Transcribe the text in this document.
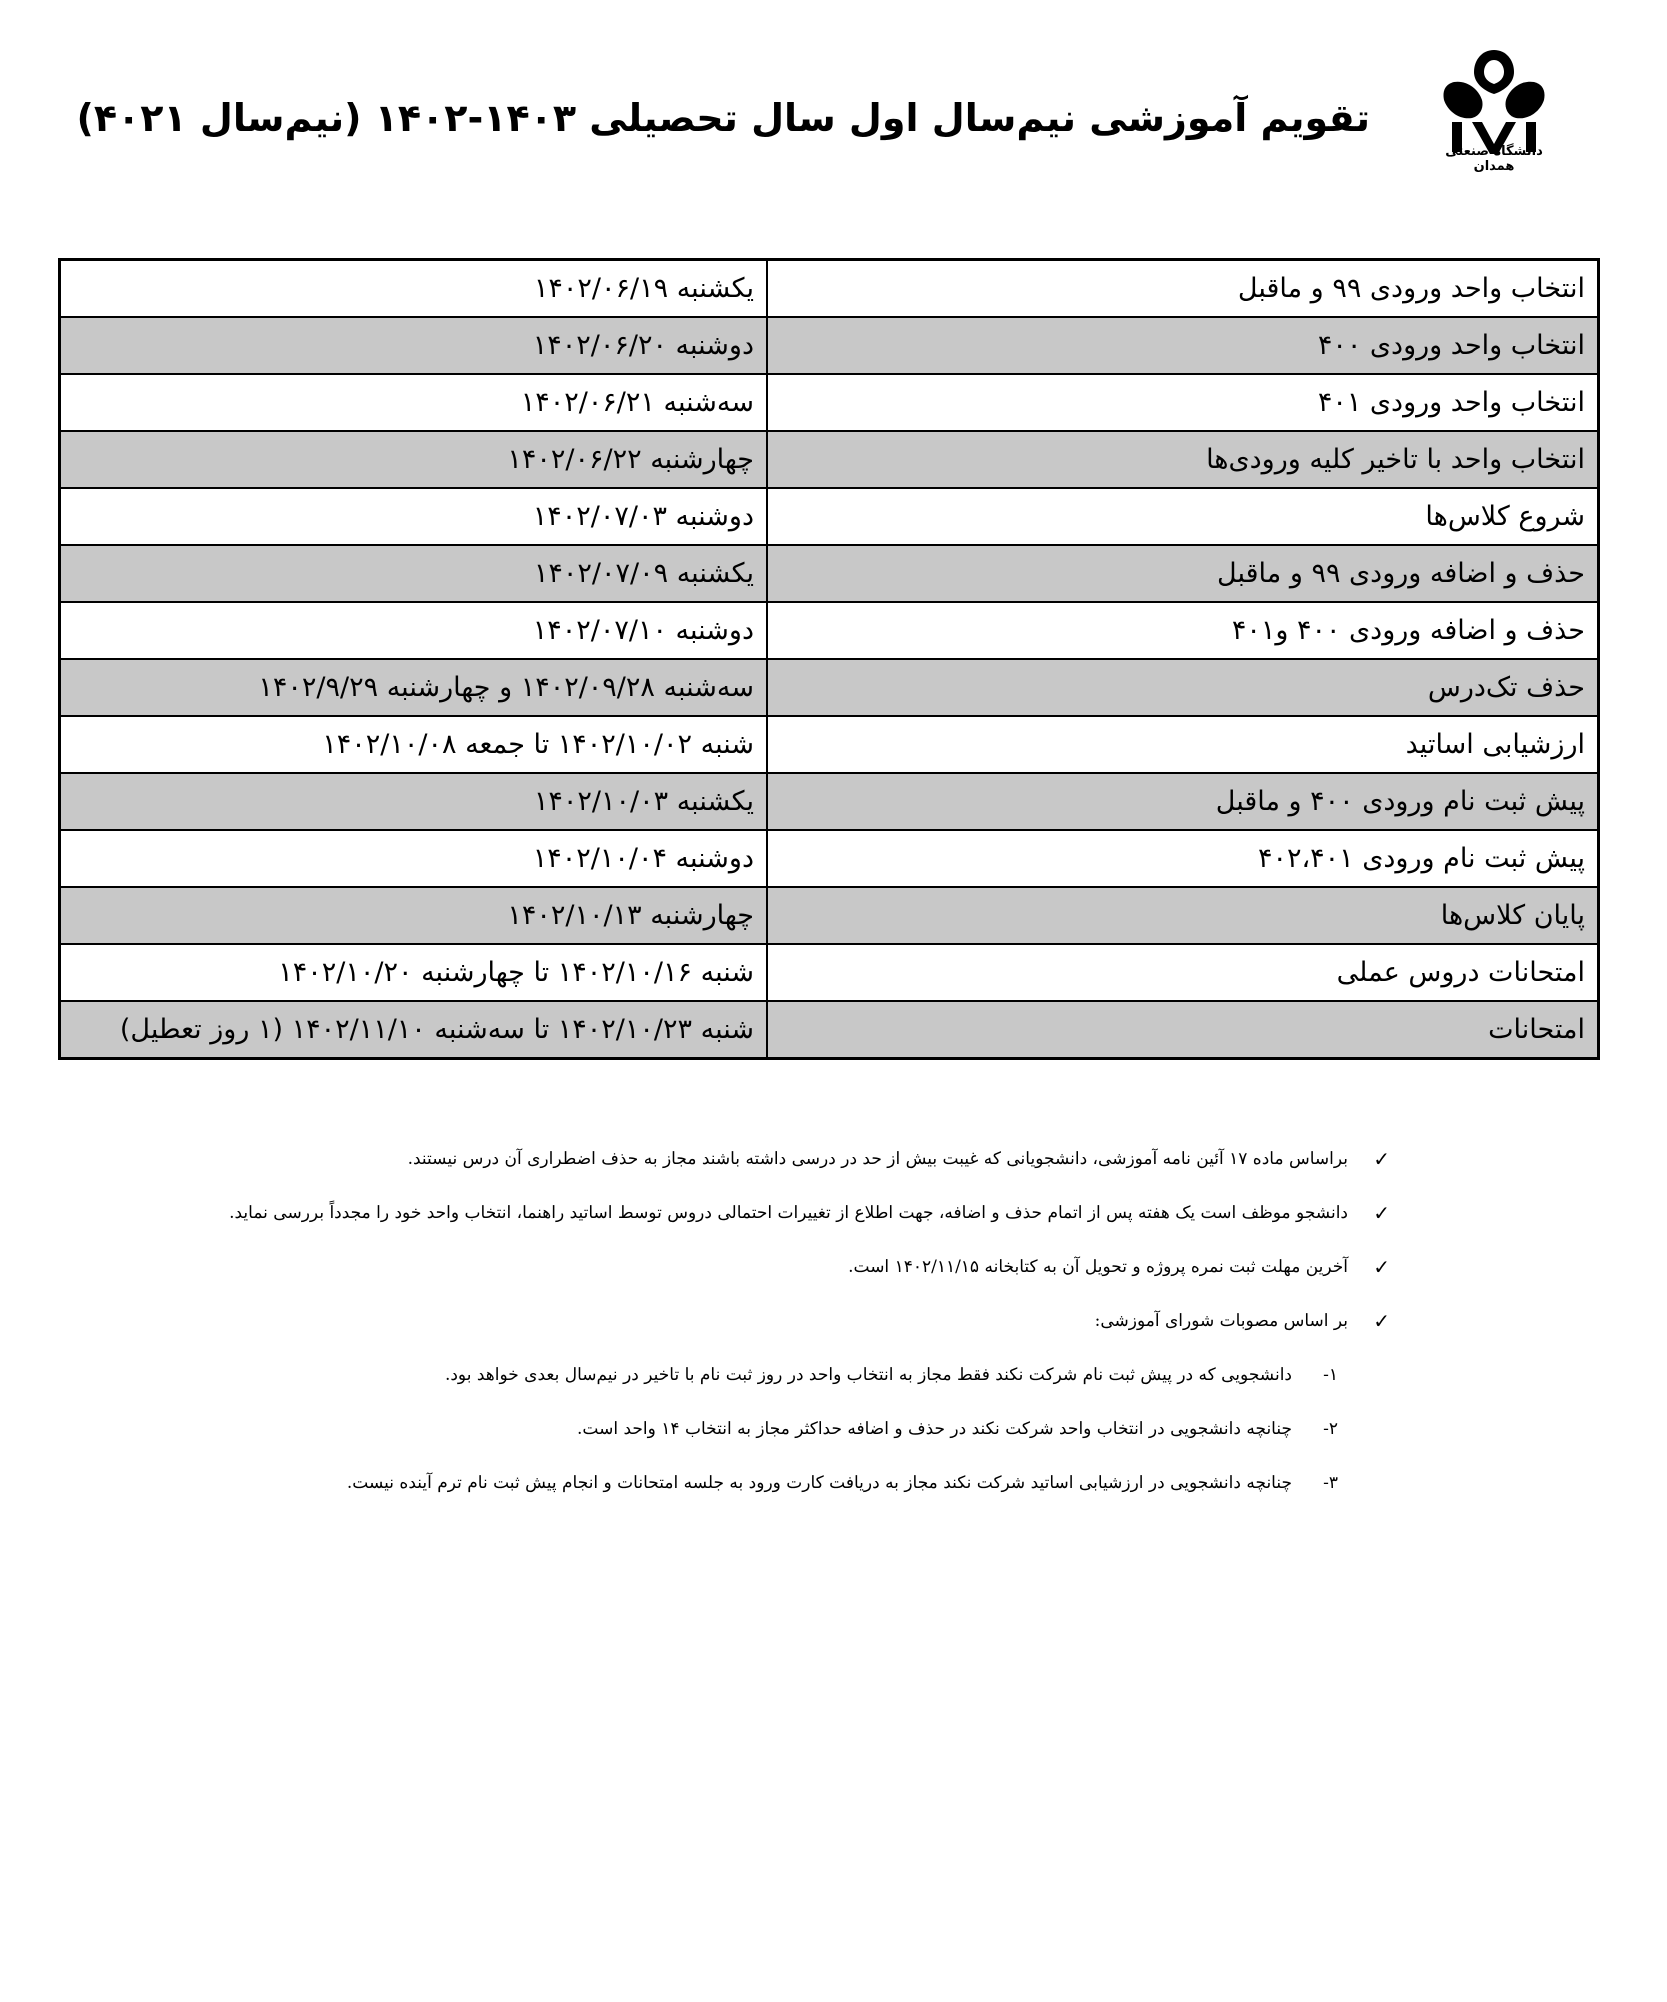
دانشگاه صنعتی همدان
تقویم آموزشی نیم‌سال اول سال تحصیلی ۱۴۰۳-۱۴۰۲ (نیم‌سال ۴۰۲۱)
انتخاب واحد ورودی ۹۹ و ماقبل	یکشنبه ۱۴۰۲/۰۶/۱۹
انتخاب واحد ورودی ۴۰۰	دوشنبه ۱۴۰۲/۰۶/۲۰
انتخاب واحد ورودی ۴۰۱	سه‌شنبه ۱۴۰۲/۰۶/۲۱
انتخاب واحد با تاخیر کلیه ورودی‌ها	چهارشنبه ۱۴۰۲/۰۶/۲۲
شروع کلاس‌ها	دوشنبه ۱۴۰۲/۰۷/۰۳
حذف و اضافه ورودی ۹۹ و ماقبل	یکشنبه ۱۴۰۲/۰۷/۰۹
حذف و اضافه ورودی ۴۰۰ و۴۰۱	دوشنبه ۱۴۰۲/۰۷/۱۰
حذف تک‌درس	سه‌شنبه ۱۴۰۲/۰۹/۲۸ و چهارشنبه ۱۴۰۲/۹/۲۹
ارزشیابی اساتید	شنبه ۱۴۰۲/۱۰/۰۲ تا جمعه ۱۴۰۲/۱۰/۰۸
پیش ثبت نام ورودی ۴۰۰ و ماقبل	یکشنبه ۱۴۰۲/۱۰/۰۳
پیش ثبت نام ورودی ۴۰۲،۴۰۱	دوشنبه ۱۴۰۲/۱۰/۰۴
پایان کلاس‌ها	چهارشنبه ۱۴۰۲/۱۰/۱۳
امتحانات دروس عملی	شنبه ۱۴۰۲/۱۰/۱۶ تا چهارشنبه ۱۴۰۲/۱۰/۲۰
امتحانات	شنبه ۱۴۰۲/۱۰/۲۳ تا سه‌شنبه ۱۴۰۲/۱۱/۱۰ (۱ روز تعطیل)
✓
براساس ماده ۱۷ آئین نامه آموزشی، دانشجویانی که غیبت بیش از حد در درسی داشته باشند مجاز به حذف اضطراری آن درس نیستند.
✓
دانشجو موظف است یک هفته پس از اتمام حذف و اضافه، جهت اطلاع از تغییرات احتمالی دروس توسط اساتید راهنما، انتخاب واحد خود را مجدداً بررسی نماید.
✓
آخرین مهلت ثبت نمره پروژه و تحویل آن به کتابخانه ۱۴۰۲/۱۱/۱۵ است.
✓
بر اساس مصوبات شورای آموزشی:
۱-
دانشجویی که در پیش ثبت نام شرکت نکند فقط مجاز به انتخاب واحد در روز ثبت نام با تاخیر در نیم‌سال بعدی خواهد بود.
۲-
چنانچه دانشجویی در انتخاب واحد شرکت نکند در حذف و اضافه حداکثر مجاز به انتخاب ۱۴ واحد است.
۳-
چنانچه دانشجویی در ارزشیابی اساتید شرکت نکند مجاز به دریافت کارت ورود به جلسه امتحانات و انجام پیش ثبت نام ترم آینده نیست.
